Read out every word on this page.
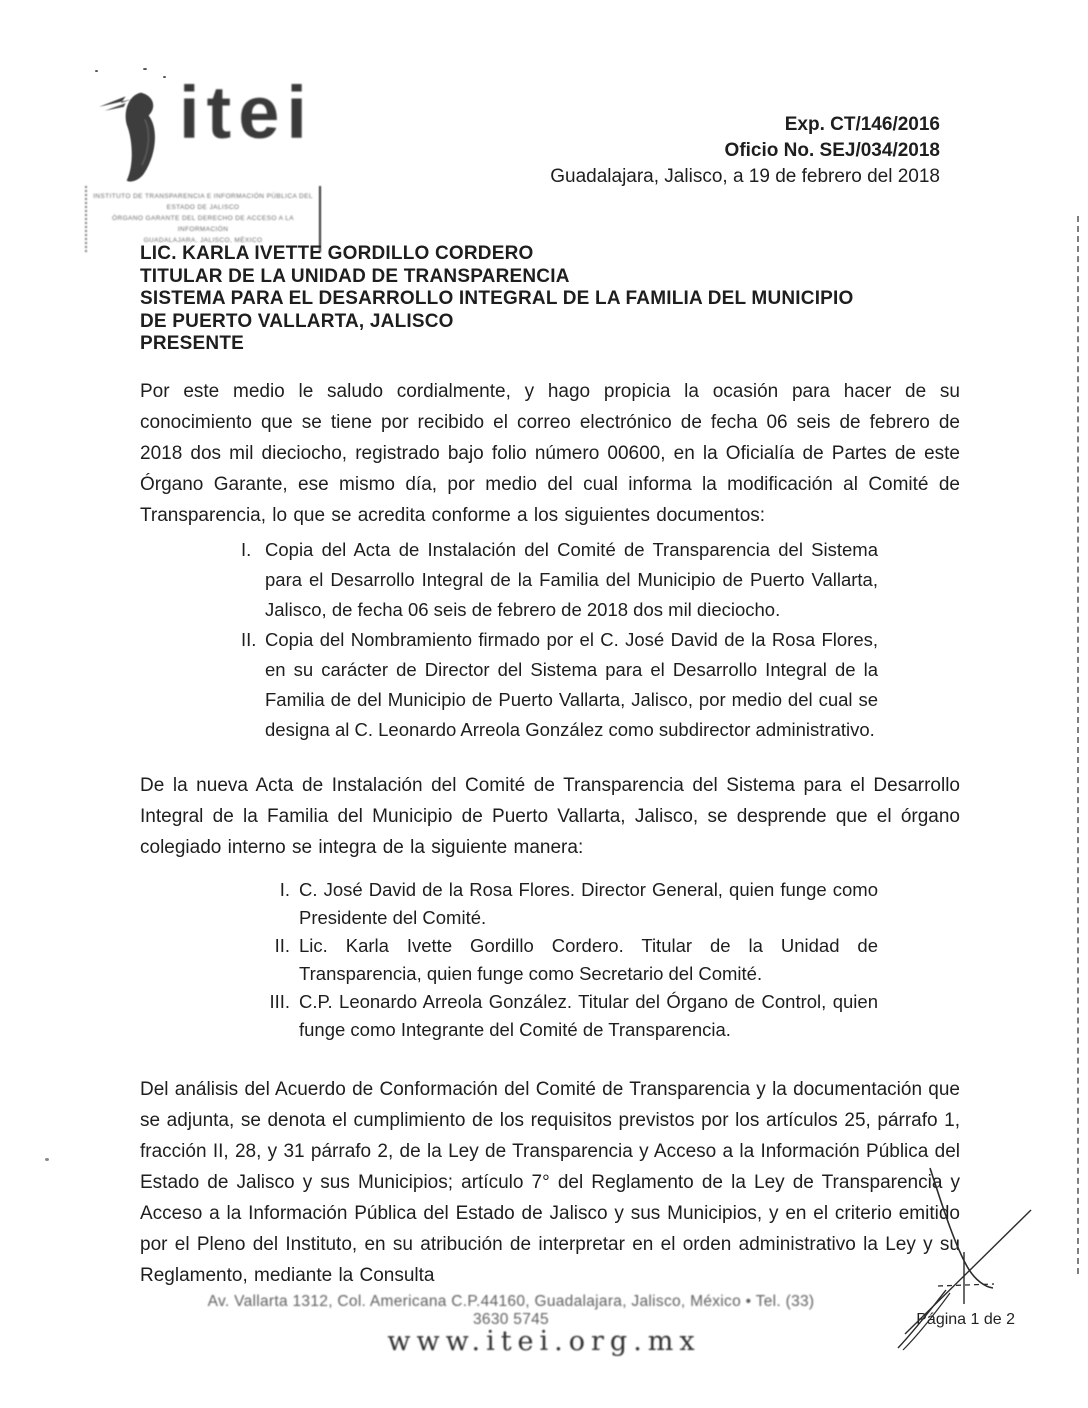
itei
INSTITUTO DE TRANSPARENCIA E INFORMACIÓN PÚBLICA DEL ESTADO DE JALISCO
ÓRGANO GARANTE DEL DERECHO DE ACCESO A LA INFORMACIÓN
GUADALAJARA, JALISCO, MÉXICO
Exp. CT/146/2016
Oficio No. SEJ/034/2018
Guadalajara, Jalisco, a 19 de febrero del 2018
LIC. KARLA IVETTE GORDILLO CORDERO
TITULAR DE LA UNIDAD DE TRANSPARENCIA
SISTEMA PARA EL DESARROLLO INTEGRAL DE LA FAMILIA DEL MUNICIPIO
DE PUERTO VALLARTA, JALISCO
PRESENTE

Por este medio le saludo cordialmente, y hago propicia la ocasión para hacer de su conocimiento que se tiene por recibido el correo electrónico de fecha 06 seis de febrero de 2018 dos mil dieciocho, registrado bajo folio número 00600, en la Oficialía de Partes de este Órgano Garante, ese mismo día, por medio del cual informa la modificación al Comité de Transparencia, lo que se acredita conforme a los siguientes documentos:

I. Copia del Acta de Instalación del Comité de Transparencia del Sistema para el Desarrollo Integral de la Familia del Municipio de Puerto Vallarta, Jalisco, de fecha 06 seis de febrero de 2018 dos mil dieciocho.
II. Copia del Nombramiento firmado por el C. José David de la Rosa Flores, en su carácter de Director del Sistema para el Desarrollo Integral de la Familia de del Municipio de Puerto Vallarta, Jalisco, por medio del cual se designa al C. Leonardo Arreola González como subdirector administrativo.

De la nueva Acta de Instalación del Comité de Transparencia del Sistema para el Desarrollo Integral de la Familia del Municipio de Puerto Vallarta, Jalisco, se desprende que el órgano colegiado interno se integra de la siguiente manera:

I. C. José David de la Rosa Flores. Director General, quien funge como Presidente del Comité.
II. Lic. Karla Ivette Gordillo Cordero. Titular de la Unidad de Transparencia, quien funge como Secretario del Comité.
III. C.P. Leonardo Arreola González. Titular del Órgano de Control, quien funge como Integrante del Comité de Transparencia.

Del análisis del Acuerdo de Conformación del Comité de Transparencia y la documentación que se adjunta, se denota el cumplimiento de los requisitos previstos por los artículos 25, párrafo 1, fracción II, 28, y 31 párrafo 2, de la Ley de Transparencia y Acceso a la Información Pública del Estado de Jalisco y sus Municipios; artículo 7° del Reglamento de la Ley de Transparencia y Acceso a la Información Pública del Estado de Jalisco y sus Municipios, y en el criterio emitido por el Pleno del Instituto, en su atribución de interpretar en el orden administrativo la Ley y su Reglamento, mediante la Consulta

Av. Vallarta 1312, Col. Americana C.P.44160, Guadalajara, Jalisco, México • Tel. (33) 3630 5745	Página 1 de 2
www.itei.org.mx
